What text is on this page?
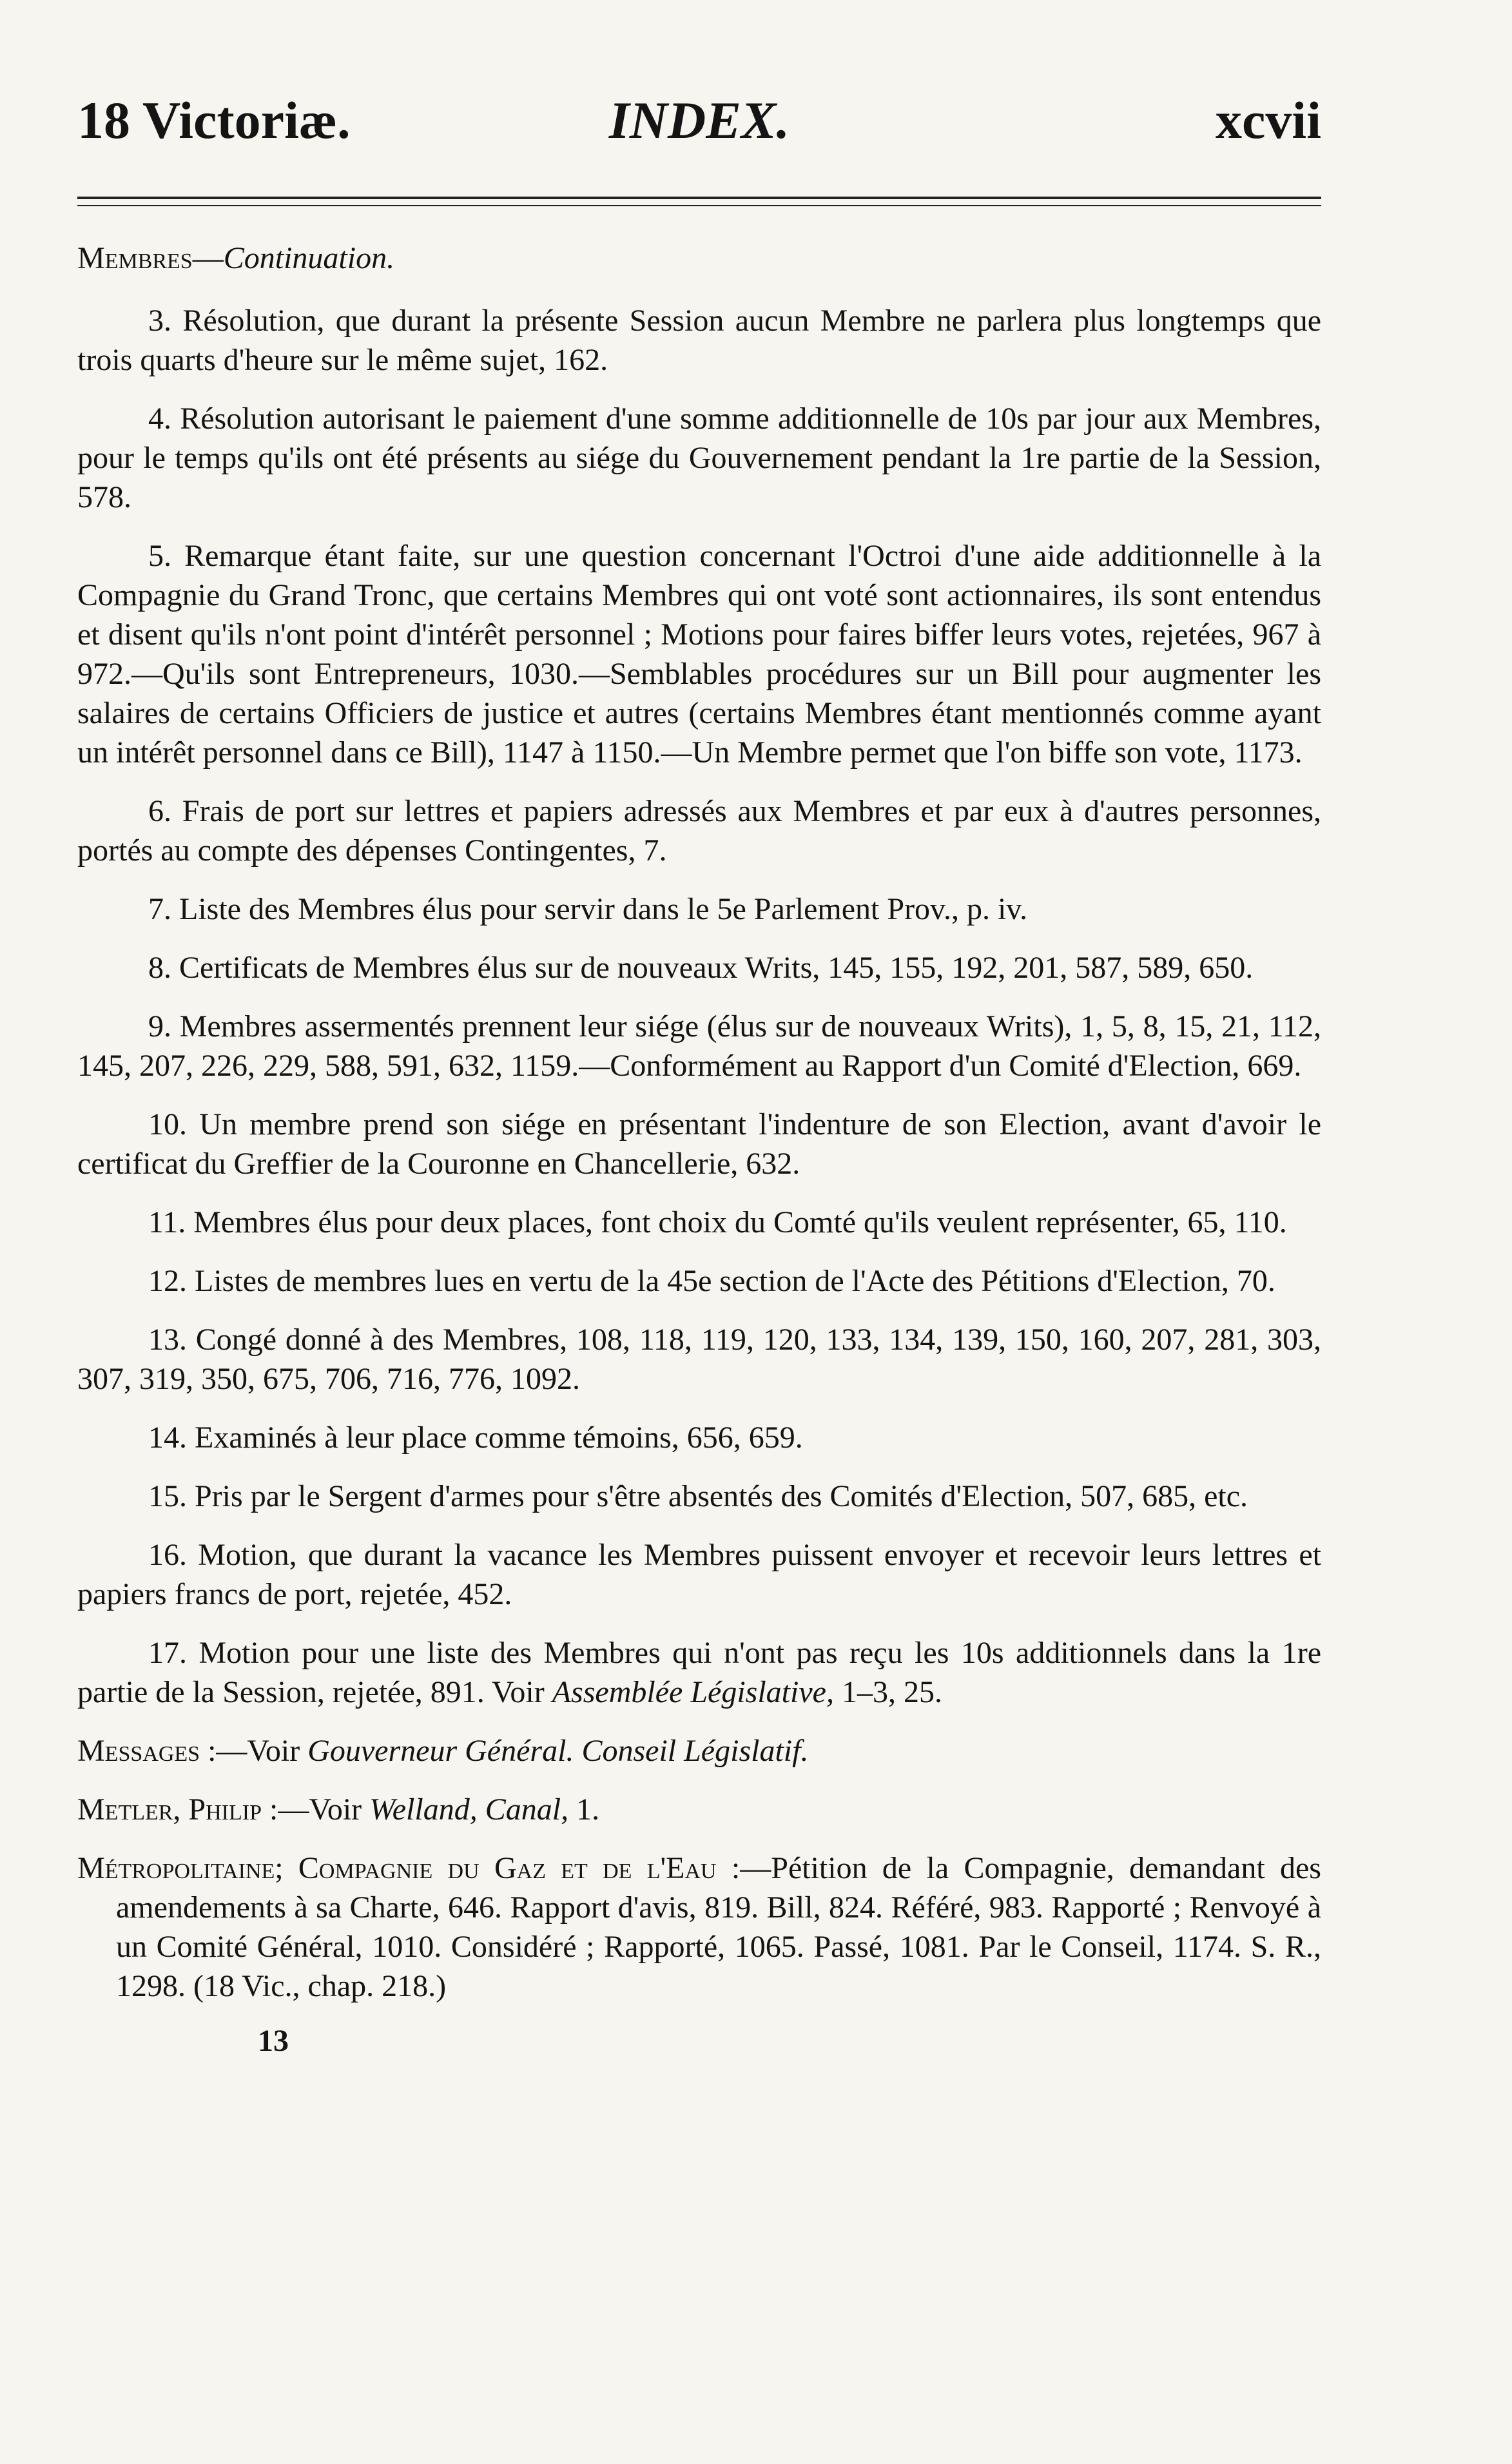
18 Victoriæ.	INDEX.	xcvii

Membres—Continuation.

3. Résolution, que durant la présente Session aucun Membre ne parlera plus longtemps que trois quarts d'heure sur le même sujet, 162.

4. Résolution autorisant le paiement d'une somme additionnelle de 10s par jour aux Membres, pour le temps qu'ils ont été présents au siége du Gouvernement pendant la 1re partie de la Session, 578.

5. Remarque étant faite, sur une question concernant l'Octroi d'une aide additionnelle à la Compagnie du Grand Tronc, que certains Membres qui ont voté sont actionnaires, ils sont entendus et disent qu'ils n'ont point d'intérêt personnel ; Motions pour faires biffer leurs votes, rejetées, 967 à 972.—Qu'ils sont Entrepreneurs, 1030.—Semblables procédures sur un Bill pour augmenter les salaires de certains Officiers de justice et autres (certains Membres étant mentionnés comme ayant un intérêt personnel dans ce Bill), 1147 à 1150.—Un Membre permet que l'on biffe son vote, 1173.

6. Frais de port sur lettres et papiers adressés aux Membres et par eux à d'autres personnes, portés au compte des dépenses Contingentes, 7.

7. Liste des Membres élus pour servir dans le 5e Parlement Prov., p. iv.

8. Certificats de Membres élus sur de nouveaux Writs, 145, 155, 192, 201, 587, 589, 650.

9. Membres assermentés prennent leur siége (élus sur de nouveaux Writs), 1, 5, 8, 15, 21, 112, 145, 207, 226, 229, 588, 591, 632, 1159.—Conformément au Rapport d'un Comité d'Election, 669.

10. Un membre prend son siége en présentant l'indenture de son Election, avant d'avoir le certificat du Greffier de la Couronne en Chancellerie, 632.

11. Membres élus pour deux places, font choix du Comté qu'ils veulent représenter, 65, 110.

12. Listes de membres lues en vertu de la 45e section de l'Acte des Pétitions d'Election, 70.

13. Congé donné à des Membres, 108, 118, 119, 120, 133, 134, 139, 150, 160, 207, 281, 303, 307, 319, 350, 675, 706, 716, 776, 1092.

14. Examinés à leur place comme témoins, 656, 659.

15. Pris par le Sergent d'armes pour s'être absentés des Comités d'Election, 507, 685, etc.

16. Motion, que durant la vacance les Membres puissent envoyer et recevoir leurs lettres et papiers francs de port, rejetée, 452.

17. Motion pour une liste des Membres qui n'ont pas reçu les 10s additionnels dans la 1re partie de la Session, rejetée, 891. Voir Assemblée Législative, 1–3, 25.

Messages :—Voir Gouverneur Général. Conseil Législatif.

Metler, Philip :—Voir Welland, Canal, 1.

Métropolitaine; Compagnie du Gaz et de l'Eau :—Pétition de la Compagnie, demandant des amendements à sa Charte, 646. Rapport d'avis, 819. Bill, 824. Référé, 983. Rapporté ; Renvoyé à un Comité Général, 1010. Considéré ; Rapporté, 1065. Passé, 1081. Par le Conseil, 1174. S. R., 1298. (18 Vic., chap. 218.)

13
